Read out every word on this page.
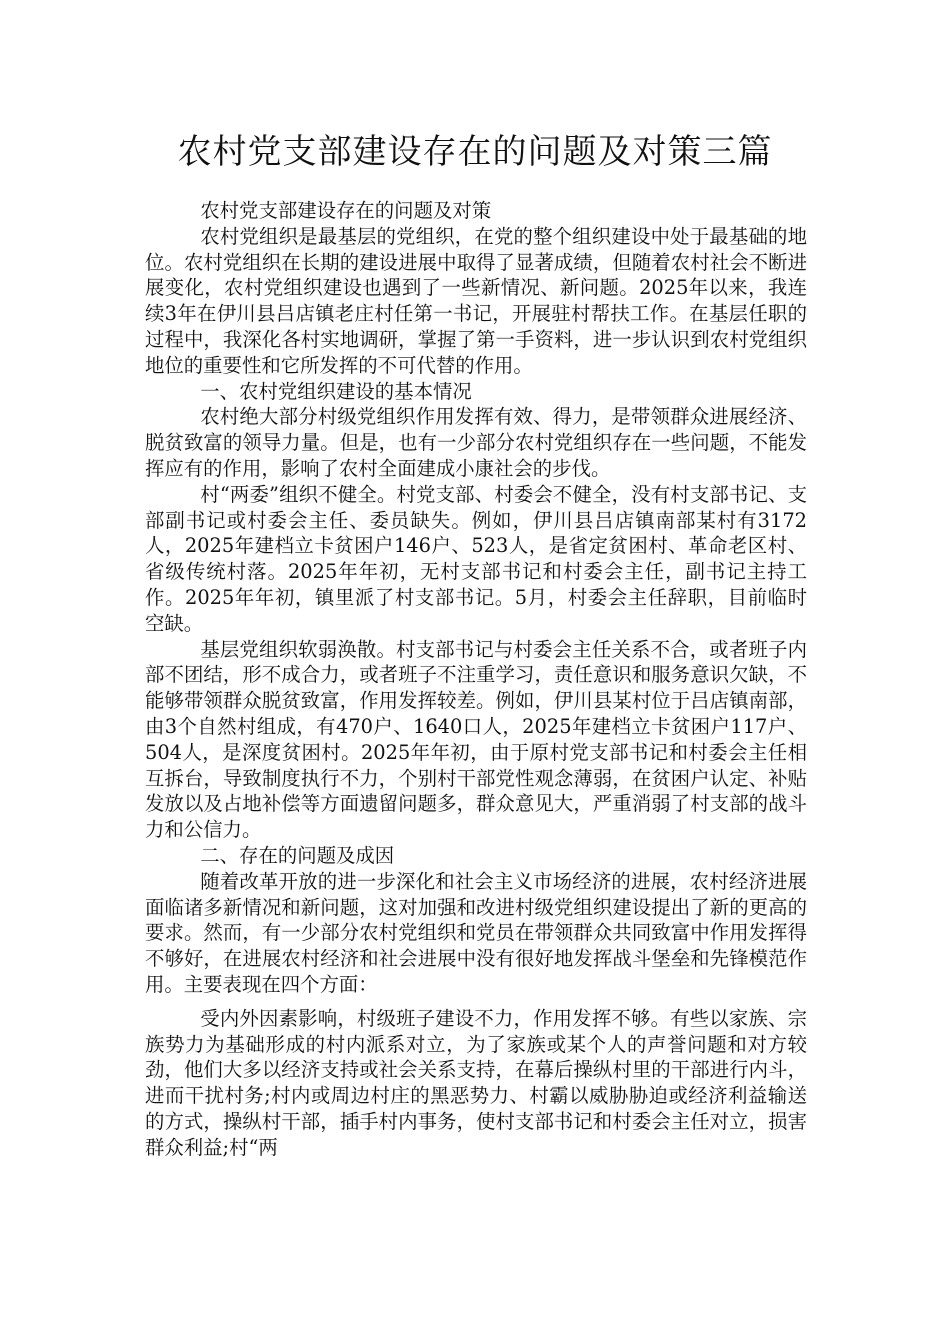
农村党支部建设存在的问题及对策三篇

农村党支部建设存在的问题及对策

农村党组织是最基层的党组织，在党的整个组织建设中处于最基础的地位。农村党组织在长期的建设进展中取得了显著成绩，但随着农村社会不断进展变化，农村党组织建设也遇到了一些新情况、新问题。2025年以来，我连续3年在伊川县吕店镇老庄村任第一书记，开展驻村帮扶工作。在基层任职的过程中，我深化各村实地调研，掌握了第一手资料，进一步认识到农村党组织地位的重要性和它所发挥的不可代替的作用。

一、农村党组织建设的基本情况

农村绝大部分村级党组织作用发挥有效、得力，是带领群众进展经济、脱贫致富的领导力量。但是，也有一少部分农村党组织存在一些问题，不能发挥应有的作用，影响了农村全面建成小康社会的步伐。

村“两委”组织不健全。村党支部、村委会不健全，没有村支部书记、支部副书记或村委会主任、委员缺失。例如，伊川县吕店镇南部某村有3172人，2025年建档立卡贫困户146户、523人，是省定贫困村、革命老区村、省级传统村落。2025年年初，无村支部书记和村委会主任，副书记主持工作。2025年年初，镇里派了村支部书记。5月，村委会主任辞职，目前临时空缺。

基层党组织软弱涣散。村支部书记与村委会主任关系不合，或者班子内部不团结，形不成合力，或者班子不注重学习，责任意识和服务意识欠缺，不能够带领群众脱贫致富，作用发挥较差。例如，伊川县某村位于吕店镇南部，由3个自然村组成，有470户、1640口人，2025年建档立卡贫困户117户、504人，是深度贫困村。2025年年初，由于原村党支部书记和村委会主任相互拆台，导致制度执行不力，个别村干部党性观念薄弱，在贫困户认定、补贴发放以及占地补偿等方面遗留问题多，群众意见大，严重消弱了村支部的战斗力和公信力。

二、存在的问题及成因

随着改革开放的进一步深化和社会主义市场经济的进展，农村经济进展面临诸多新情况和新问题，这对加强和改进村级党组织建设提出了新的更高的要求。然而，有一少部分农村党组织和党员在带领群众共同致富中作用发挥得不够好，在进展农村经济和社会进展中没有很好地发挥战斗堡垒和先锋模范作用。主要表现在四个方面：

受内外因素影响，村级班子建设不力，作用发挥不够。有些以家族、宗族势力为基础形成的村内派系对立，为了家族或某个人的声誉问题和对方较劲，他们大多以经济支持或社会关系支持，在幕后操纵村里的干部进行内斗，进而干扰村务;村内或周边村庄的黑恶势力、村霸以威胁胁迫或经济利益输送的方式，操纵村干部，插手村内事务，使村支部书记和村委会主任对立，损害群众利益;村“两
